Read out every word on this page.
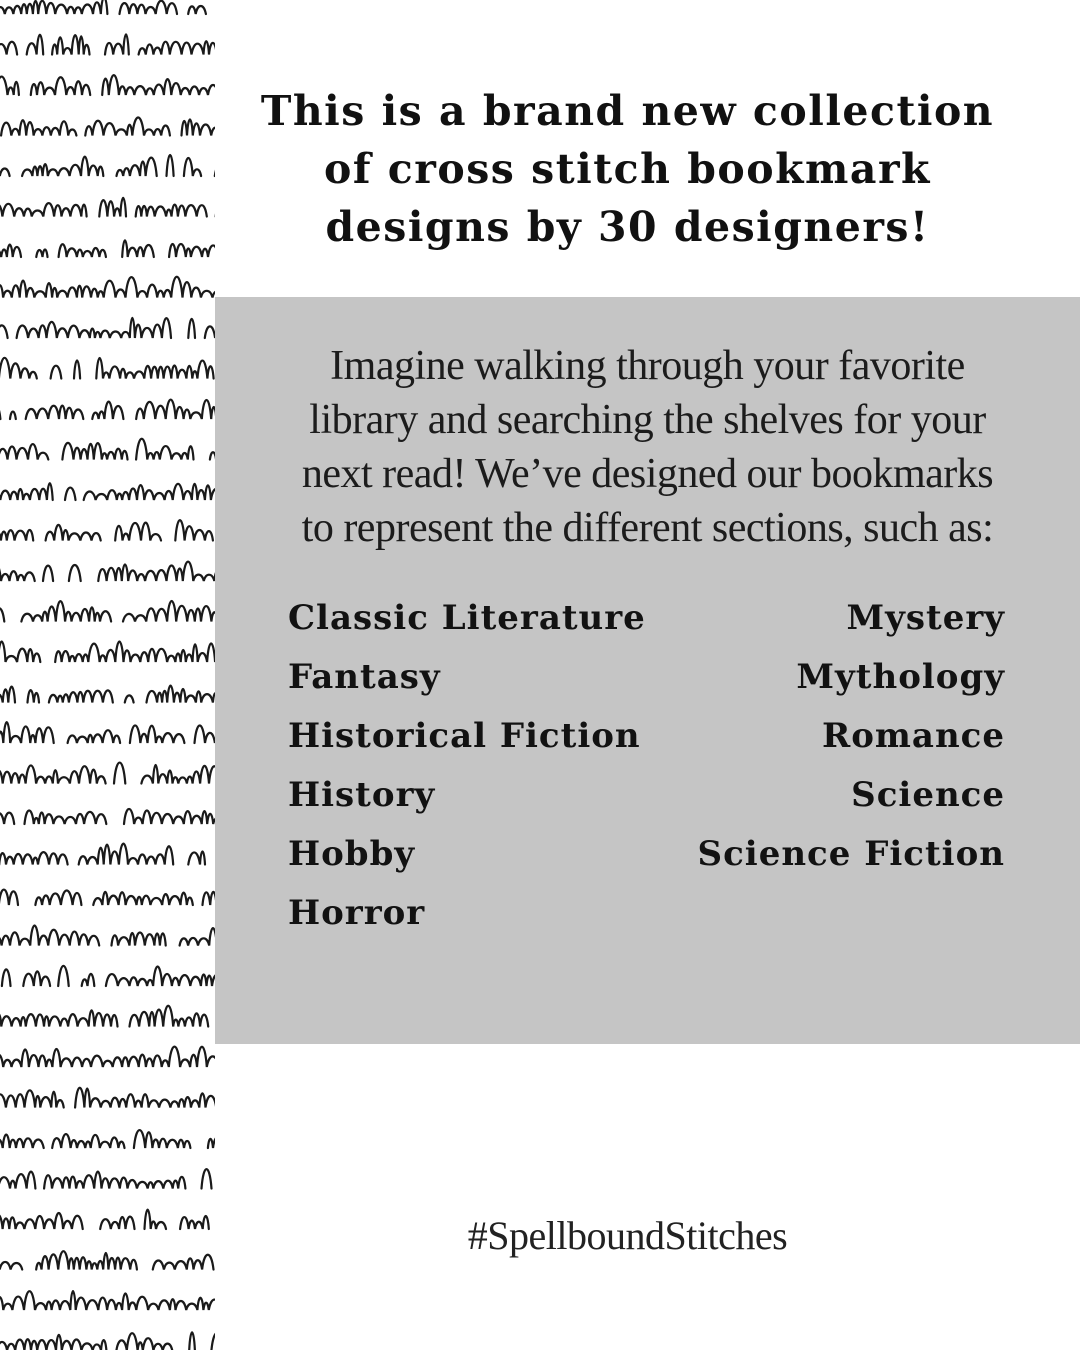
This is a brand new collection
of cross stitch bookmark
designs by 30 designers!

Imagine walking through your favorite
library and searching the shelves for your
next read! We’ve designed our bookmarks
to represent the different sections, such as:

Classic Literature
Fantasy
Historical Fiction
History
Hobby
Horror
Mystery
Mythology
Romance
Science
Science Fiction

#SpellboundStitches
